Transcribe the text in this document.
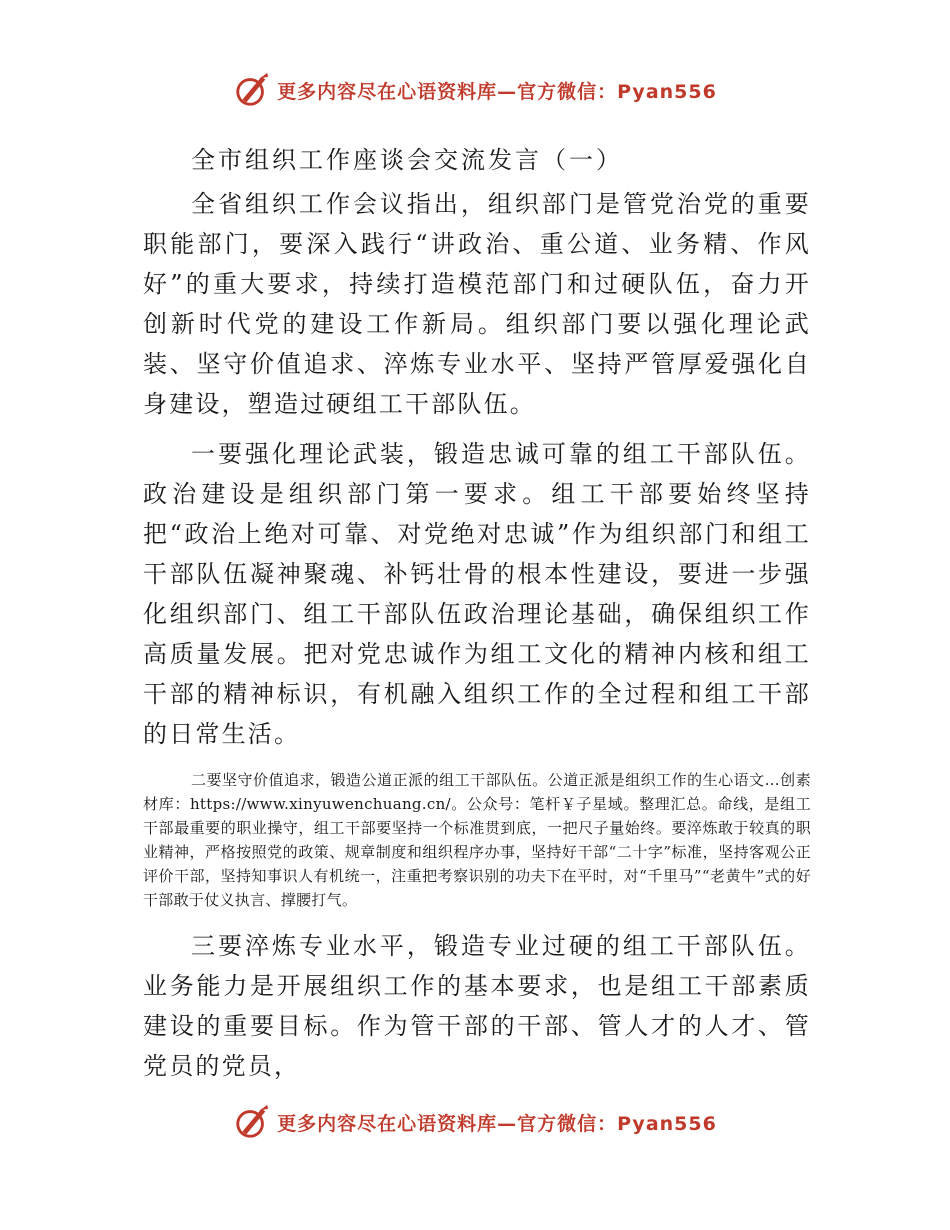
更多内容尽在心语资料库—官方微信：Pyan556

全市组织工作座谈会交流发言（一）

全省组织工作会议指出，组织部门是管党治党的重要职能部门，要深入践行“讲政治、重公道、业务精、作风好”的重大要求，持续打造模范部门和过硬队伍，奋力开创新时代党的建设工作新局。组织部门要以强化理论武装、坚守价值追求、淬炼专业水平、坚持严管厚爱强化自身建设，塑造过硬组工干部队伍。

一要强化理论武装，锻造忠诚可靠的组工干部队伍。政治建设是组织部门第一要求。组工干部要始终坚持把“政治上绝对可靠、对党绝对忠诚”作为组织部门和组工干部队伍凝神聚魂、补钙壮骨的根本性建设，要进一步强化组织部门、组工干部队伍政治理论基础，确保组织工作高质量发展。把对党忠诚作为组工文化的精神内核和组工干部的精神标识，有机融入组织工作的全过程和组工干部的日常生活。

二要坚守价值追求，锻造公道正派的组工干部队伍。公道正派是组织工作的生心语文…创素材库：https://www.xinyuwenchuang.cn/。公众号：笔杆￥子星域。整理汇总。命线，是组工干部最重要的职业操守，组工干部要坚持一个标准贯到底，一把尺子量始终。要淬炼敢于较真的职业精神，严格按照党的政策、规章制度和组织程序办事，坚持好干部“二十字”标准，坚持客观公正评价干部，坚持知事识人有机统一，注重把考察识别的功夫下在平时，对“千里马”“老黄牛”式的好干部敢于仗义执言、撑腰打气。

三要淬炼专业水平，锻造专业过硬的组工干部队伍。业务能力是开展组织工作的基本要求，也是组工干部素质建设的重要目标。作为管干部的干部、管人才的人才、管党员的党员，

更多内容尽在心语资料库—官方微信：Pyan556
